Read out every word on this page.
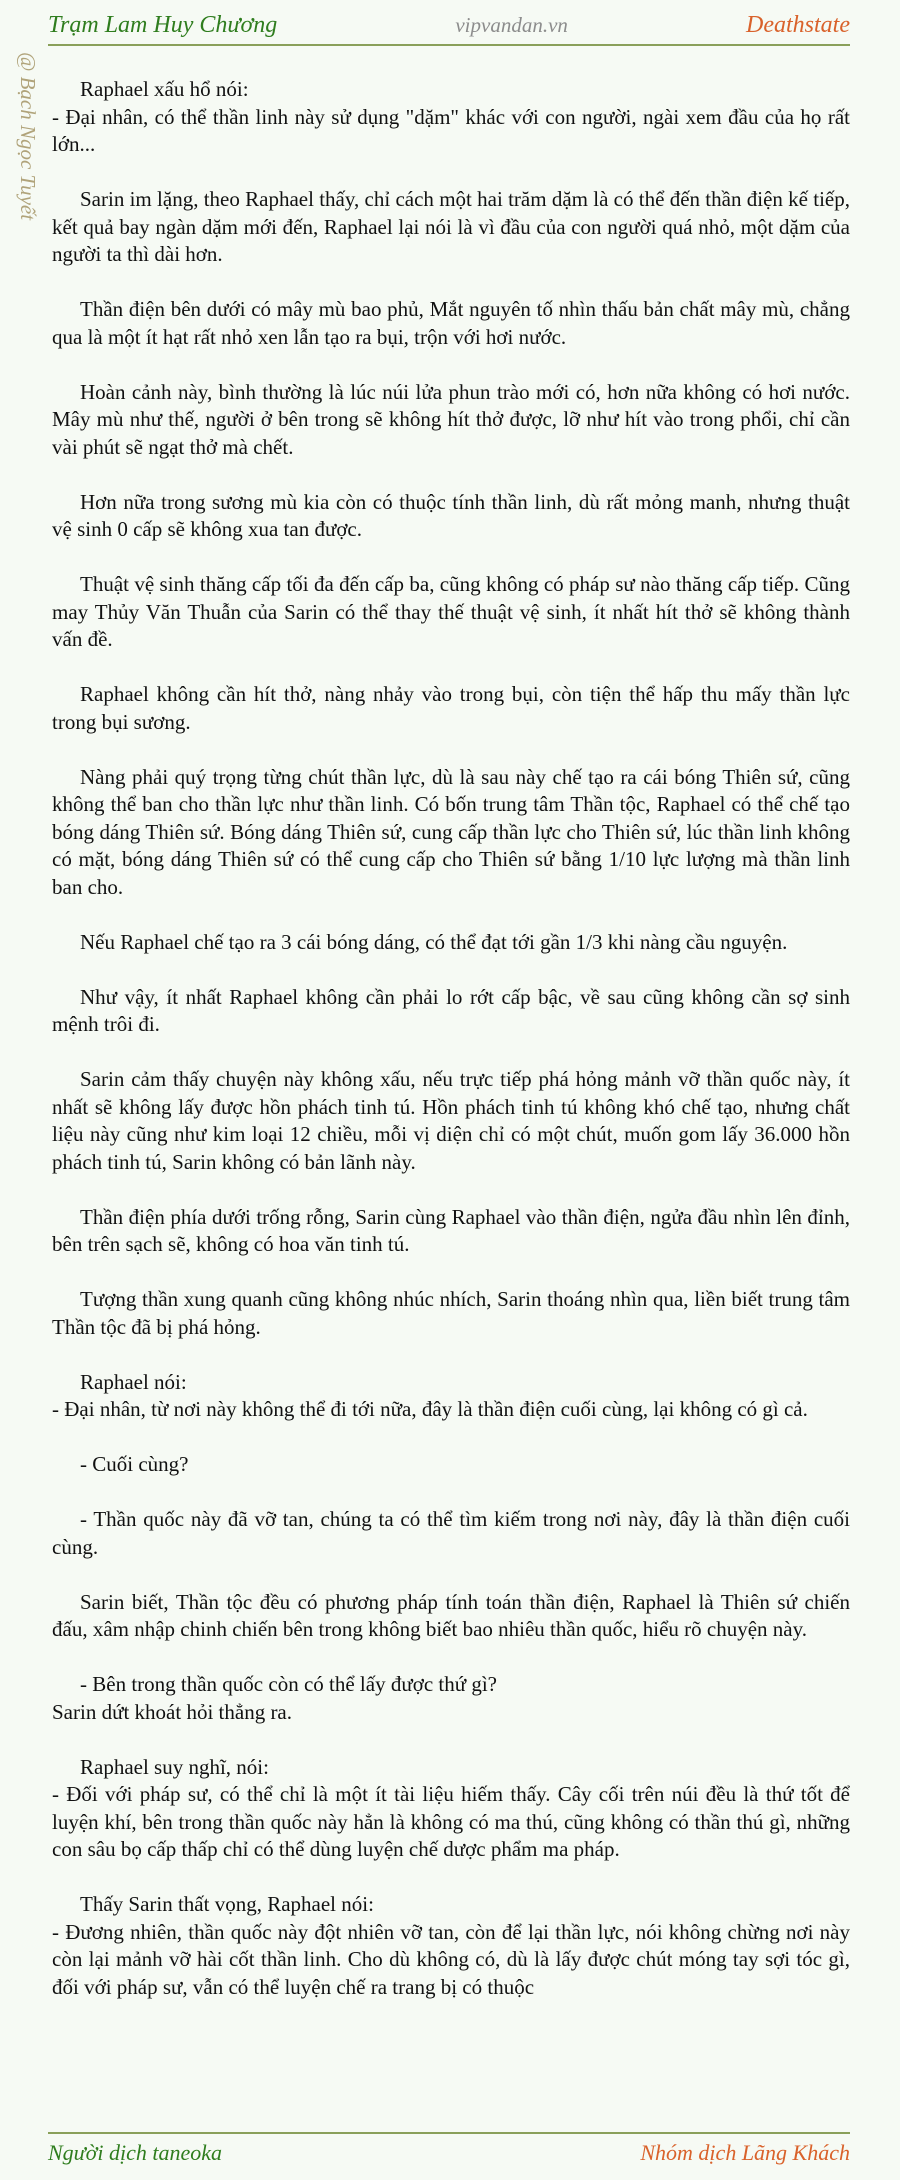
Trạm Lam Huy Chương	vipvandan.vn	Deathstate
@ Bạch Ngọc Tuyết	Raphael xấu hổ nói:
- Đại nhân, có thể thần linh này sử dụng "dặm" khác với con người, ngài xem đầu của họ rất lớn...

Sarin im lặng, theo Raphael thấy, chỉ cách một hai trăm dặm là có thể đến thần điện kế tiếp, kết quả bay ngàn dặm mới đến, Raphael lại nói là vì đầu của con người quá nhỏ, một dặm của người ta thì dài hơn.

Thần điện bên dưới có mây mù bao phủ, Mắt nguyên tố nhìn thấu bản chất mây mù, chẳng qua là một ít hạt rất nhỏ xen lẫn tạo ra bụi, trộn với hơi nước.

Hoàn cảnh này, bình thường là lúc núi lửa phun trào mới có, hơn nữa không có hơi nước. Mây mù như thế, người ở bên trong sẽ không hít thở được, lỡ như hít vào trong phổi, chỉ cần vài phút sẽ ngạt thở mà chết.

Hơn nữa trong sương mù kia còn có thuộc tính thần linh, dù rất mỏng manh, nhưng thuật vệ sinh 0 cấp sẽ không xua tan được.

Thuật vệ sinh thăng cấp tối đa đến cấp ba, cũng không có pháp sư nào thăng cấp tiếp. Cũng may Thủy Văn Thuẫn của Sarin có thể thay thế thuật vệ sinh, ít nhất hít thở sẽ không thành vấn đề.

Raphael không cần hít thở, nàng nhảy vào trong bụi, còn tiện thể hấp thu mấy thần lực trong bụi sương.

Nàng phải quý trọng từng chút thần lực, dù là sau này chế tạo ra cái bóng Thiên sứ, cũng không thể ban cho thần lực như thần linh. Có bốn trung tâm Thần tộc, Raphael có thể chế tạo bóng dáng Thiên sứ. Bóng dáng Thiên sứ, cung cấp thần lực cho Thiên sứ, lúc thần linh không có mặt, bóng dáng Thiên sứ có thể cung cấp cho Thiên sứ bằng 1/10 lực lượng mà thần linh ban cho.

Nếu Raphael chế tạo ra 3 cái bóng dáng, có thể đạt tới gần 1/3 khi nàng cầu nguyện.

Như vậy, ít nhất Raphael không cần phải lo rớt cấp bậc, về sau cũng không cần sợ sinh mệnh trôi đi.

Sarin cảm thấy chuyện này không xấu, nếu trực tiếp phá hỏng mảnh vỡ thần quốc này, ít nhất sẽ không lấy được hồn phách tinh tú. Hồn phách tinh tú không khó chế tạo, nhưng chất liệu này cũng như kim loại 12 chiều, mỗi vị diện chỉ có một chút, muốn gom lấy 36.000 hồn phách tinh tú, Sarin không có bản lãnh này.

Thần điện phía dưới trống rỗng, Sarin cùng Raphael vào thần điện, ngửa đầu nhìn lên đỉnh, bên trên sạch sẽ, không có hoa văn tinh tú.

Tượng thần xung quanh cũng không nhúc nhích, Sarin thoáng nhìn qua, liền biết trung tâm Thần tộc đã bị phá hỏng.

Raphael nói:
- Đại nhân, từ nơi này không thể đi tới nữa, đây là thần điện cuối cùng, lại không có gì cả.

- Cuối cùng?

- Thần quốc này đã vỡ tan, chúng ta có thể tìm kiếm trong nơi này, đây là thần điện cuối cùng.

Sarin biết, Thần tộc đều có phương pháp tính toán thần điện, Raphael là Thiên sứ chiến đấu, xâm nhập chinh chiến bên trong không biết bao nhiêu thần quốc, hiểu rõ chuyện này.

- Bên trong thần quốc còn có thể lấy được thứ gì?
Sarin dứt khoát hỏi thẳng ra.

Raphael suy nghĩ, nói:
- Đối với pháp sư, có thể chỉ là một ít tài liệu hiếm thấy. Cây cối trên núi đều là thứ tốt để luyện khí, bên trong thần quốc này hẳn là không có ma thú, cũng không có thần thú gì, những con sâu bọ cấp thấp chỉ có thể dùng luyện chế dược phẩm ma pháp.

Thấy Sarin thất vọng, Raphael nói:
- Đương nhiên, thần quốc này đột nhiên vỡ tan, còn để lại thần lực, nói không chừng nơi này còn lại mảnh vỡ hài cốt thần linh. Cho dù không có, dù là lấy được chút móng tay sợi tóc gì, đối với pháp sư, vẫn có thể luyện chế ra trang bị có thuộc

Người dịch taneoka	Nhóm dịch Lãng Khách
